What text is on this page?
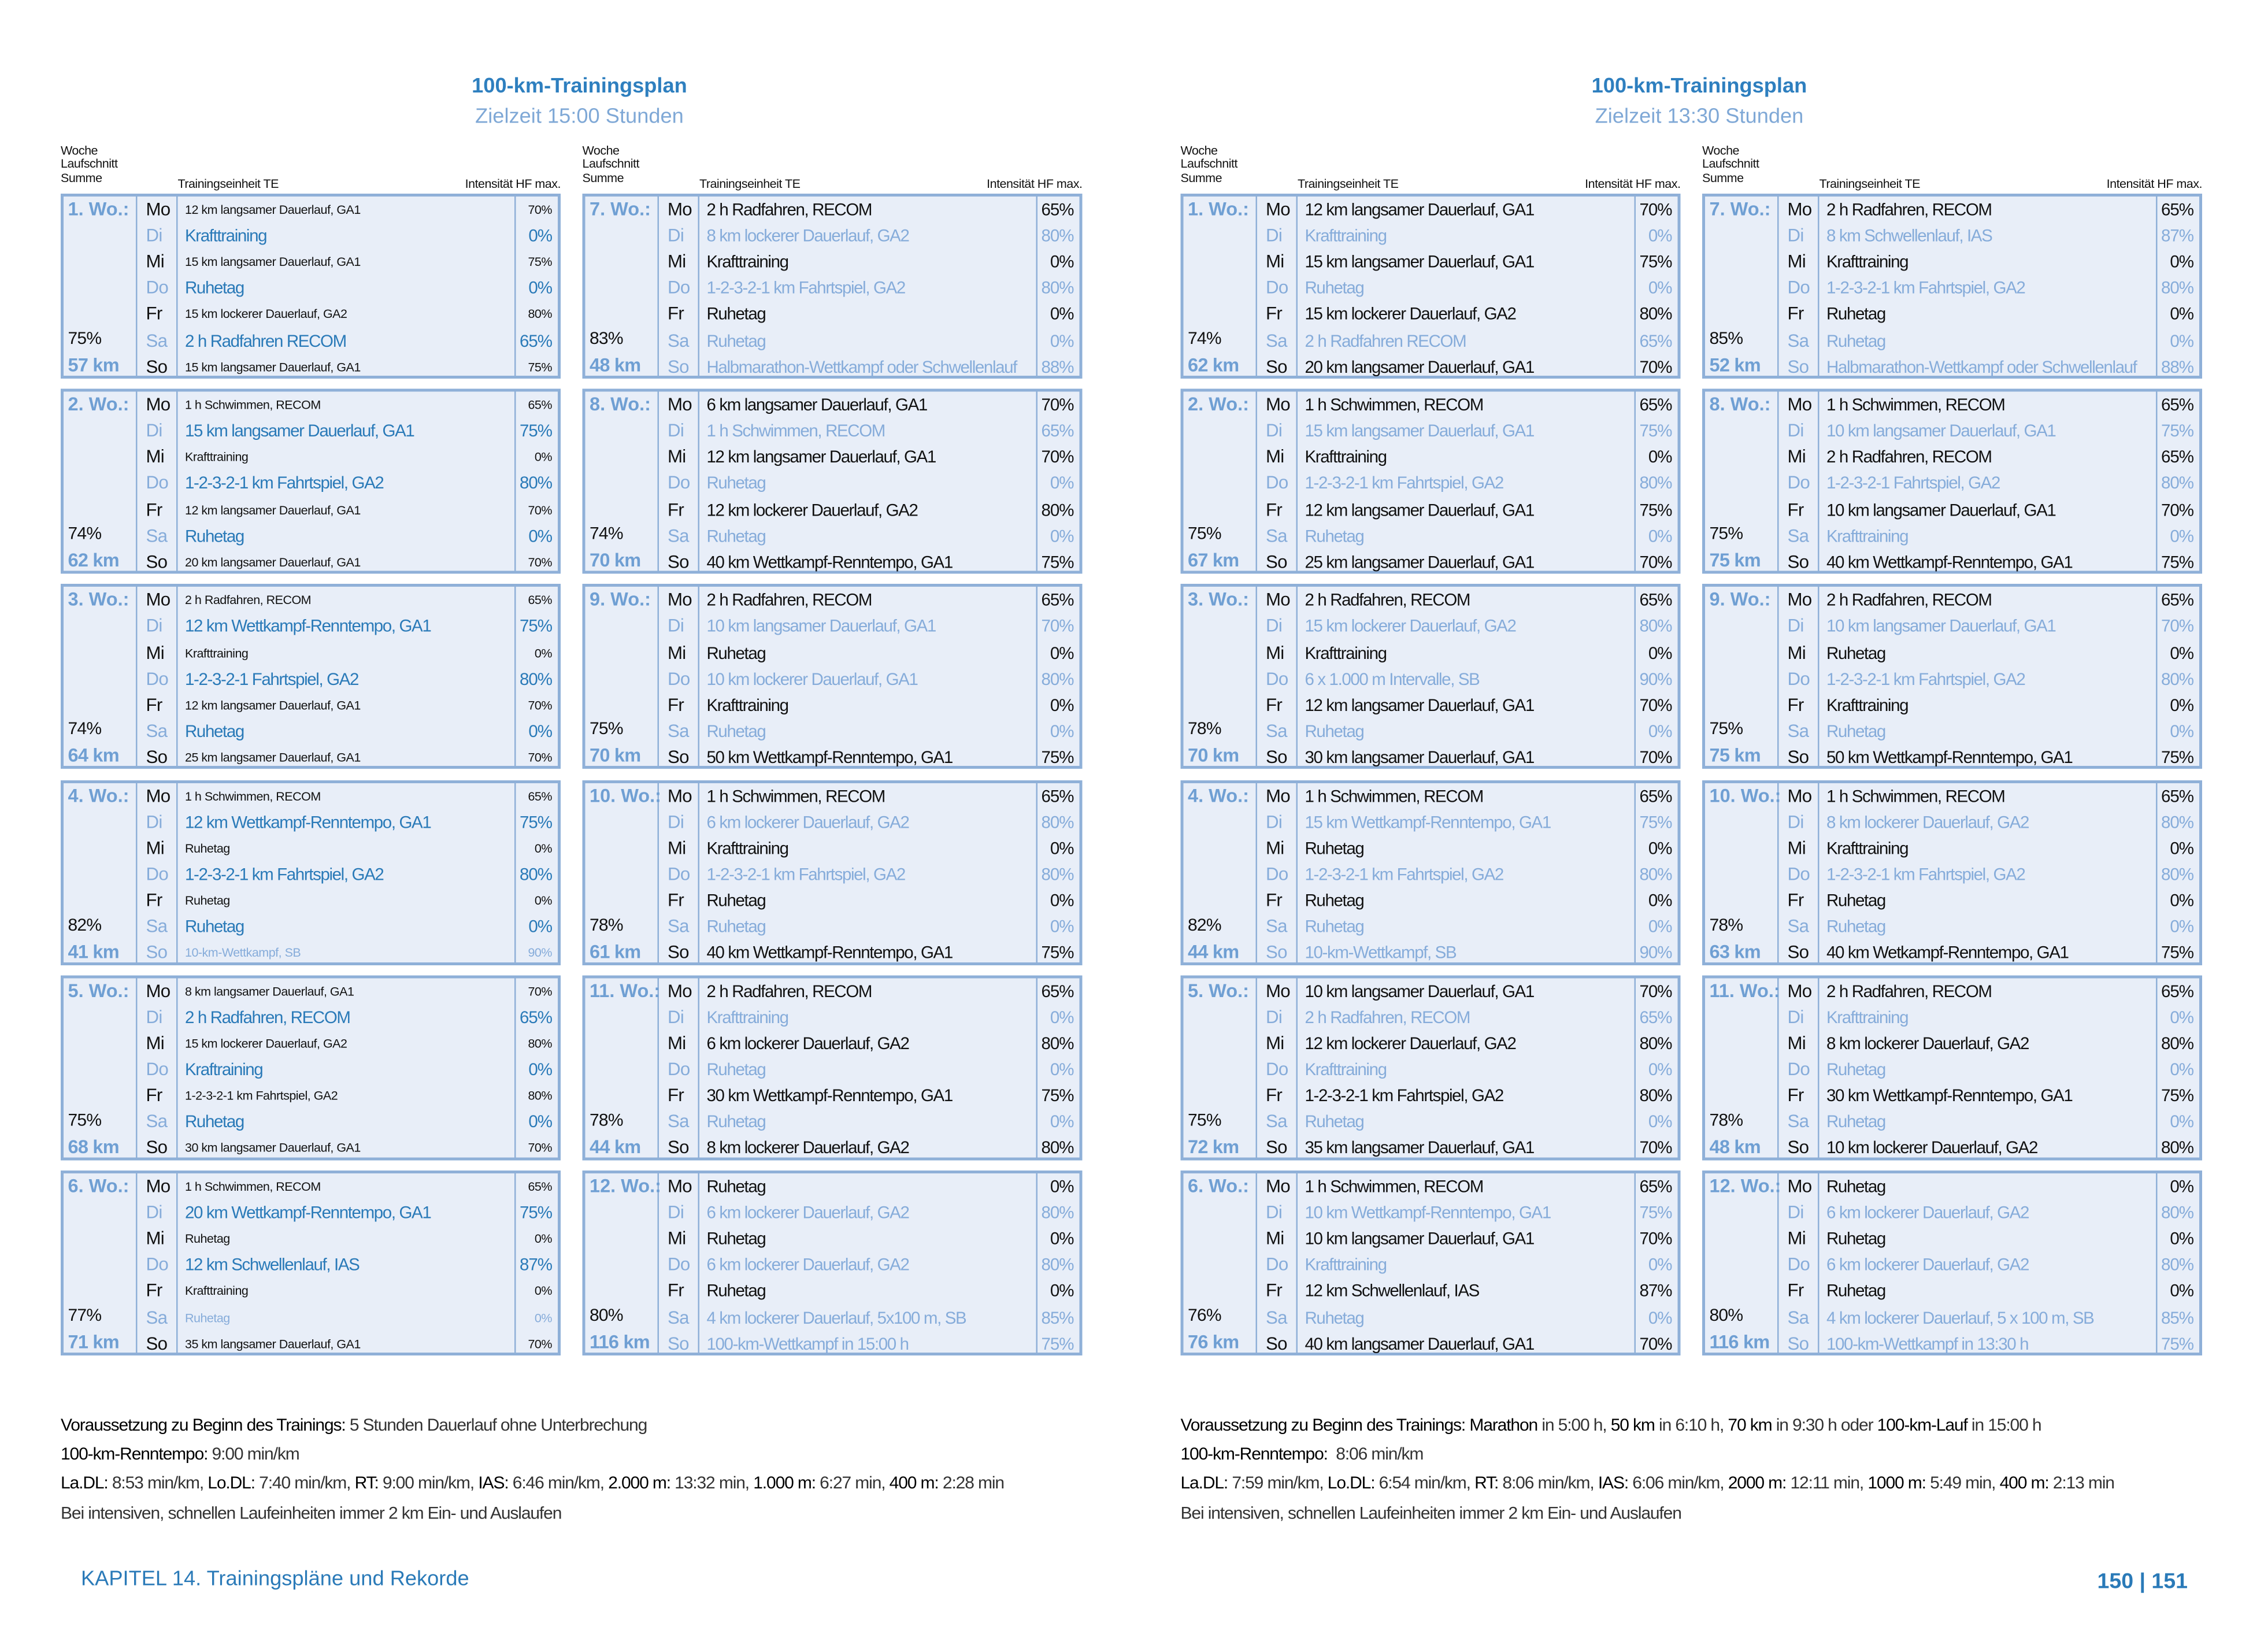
KAPITEL 14. Trainingspläne und Rekorde	150 | 151
100-km-Trainingsplan
Zielzeit 15:00 Stunden
Woche
Laufschnitt
Summe	Trainingseinheit TE	Intensität HF max.
1. Wo.:
75%
57 km
Mo	12 km langsamer Dauerlauf, GA1	70%
Di	Krafttraining	0%
Mi	15 km langsamer Dauerlauf, GA1	75%
Do Ruhetag	0%
Fr	15 km lockerer Dauerlauf, GA2	80%
Sa	2 h Radfahren RECOM	65%
So	15 km langsamer Dauerlauf, GA1	75%
2. Wo.:
74%
62 km
Mo	1 h Schwimmen, RECOM	65%
Di	15 km langsamer Dauerlauf, GA1	75%
Mi	Krafttraining	0%
Do 1-2-3-2-1 km Fahrtspiel, GA2	80%
Fr	12 km langsamer Dauerlauf, GA1	70%
Sa	Ruhetag	0%
So	20 km langsamer Dauerlauf, GA1	70%
3. Wo.:
74%
64 km
Mo	2 h Radfahren, RECOM	65%
Di	12 km Wettkampf-Renntempo, GA1	75%
Mi	Krafttraining	0%
Do 1-2-3-2-1 Fahrtspiel, GA2	80%
Fr	12 km langsamer Dauerlauf, GA1	70%
Sa	Ruhetag	0%
So	25 km langsamer Dauerlauf, GA1	70%
4. Wo.:
82%
41 km
Mo	1 h Schwimmen, RECOM	65%
Di	12 km Wettkampf-Renntempo, GA1	75%
Mi	Ruhetag	0%
Do 1-2-3-2-1 km Fahrtspiel, GA2	80%
Fr	Ruhetag	0%
Sa	Ruhetag	0%
So	10-km-Wettkampf, SB	90%
5. Wo.:
75%
68 km
Mo	8 km langsamer Dauerlauf, GA1	70%
Di	2 h Radfahren, RECOM	65%
Mi	15 km lockerer Dauerlauf, GA2	80%
Do Kraftraining	0%
Fr	1-2-3-2-1 km Fahrtspiel, GA2	80%
Sa	Ruhetag	0%
So	30 km langsamer Dauerlauf, GA1	70%
6. Wo.:
77%
71 km
Mo	1 h Schwimmen, RECOM	65%
Di	20 km Wettkampf-Renntempo, GA1	75%
Mi	Ruhetag	0%
Do 12 km Schwellenlauf, IAS	87%
Fr	Krafttraining	0%
Sa	Ruhetag	0%
So	35 km langsamer Dauerlauf, GA1	70%
Woche
Laufschnitt
Summe	Trainingseinheit TE	Intensität HF max.
7. Wo.:
83%
48 km
Mo 2 h Radfahren, RECOM	65%
Di	8 km lockerer Dauerlauf, GA2	80%
Mi	Krafttraining	0%
Do 1-2-3-2-1 km Fahrtspiel, GA2	80%
Fr	Ruhetag	0%
Sa	Ruhetag	0%
So	Halbmarathon-Wettkampf oder Schwellenlauf	88%
8. Wo.:
74%
70 km
Mo 6 km langsamer Dauerlauf, GA1	70%
Di	1 h Schwimmen, RECOM	65%
Mi	12 km langsamer Dauerlauf, GA1	70%
Do Ruhetag	0%
Fr	12 km lockerer Dauerlauf, GA2	80%
Sa	Ruhetag	0%
So	40 km Wettkampf-Renntempo, GA1	75%
9. Wo.:
75%
70 km
Mo 2 h Radfahren, RECOM	65%
Di	10 km langsamer Dauerlauf, GA1	70%
Mi	Ruhetag	0%
Do 10 km lockerer Dauerlauf, GA1	80%
Fr	Krafttraining	0%
Sa	Ruhetag	0%
So	50 km Wettkampf-Renntempo, GA1	75%
10. Wo.:
78%
61 km
Mo 1 h Schwimmen, RECOM	65%
Di	6 km lockerer Dauerlauf, GA2	80%
Mi	Krafttraining	0%
Do 1-2-3-2-1 km Fahrtspiel, GA2	80%
Fr	Ruhetag	0%
Sa	Ruhetag	0%
So	40 km Wettkampf-Renntempo, GA1	75%
11. Wo.:
78%
44 km
Mo 2 h Radfahren, RECOM	65%
Di	Krafttraining	0%
Mi	6 km lockerer Dauerlauf, GA2	80%
Do Ruhetag	0%
Fr	30 km Wettkampf-Renntempo, GA1	75%
Sa	Ruhetag	0%
So	8 km lockerer Dauerlauf, GA2	80%
12. Wo.:
80%
116 km
Mo Ruhetag	0%
Di	6 km lockerer Dauerlauf, GA2	80%
Mi	Ruhetag	0%
Do 6 km lockerer Dauerlauf, GA2	80%
Fr	Ruhetag	0%
Sa	4 km lockerer Dauerlauf, 5x100 m, SB	85%
So	100-km-Wettkampf in 15:00 h	75%
Voraussetzung zu Beginn des Trainings: 5 Stunden Dauerlauf ohne Unterbrechung
100-km-Renntempo: 9:00 min/km
La.DL: 8:53 min/km, Lo.DL: 7:40 min/km, RT: 9:00 min/km, IAS: 6:46 min/km, 2.000 m: 13:32 min, 1.000 m: 6:27 min, 400 m: 2:28 min
Bei intensiven, schnellen Laufeinheiten immer 2 km Ein- und Auslaufen
100-km-Trainingsplan
Zielzeit 13:30 Stunden
Woche
Laufschnitt
Summe	Trainingseinheit TE	Intensität HF max.
1. Wo.:
74%
62 km
Mo 12 km langsamer Dauerlauf, GA1	70%
Di	Krafttraining	0%
Mi	15 km langsamer Dauerlauf, GA1	75%
Do Ruhetag	0%
Fr	15 km lockerer Dauerlauf, GA2	80%
Sa	2 h Radfahren RECOM	65%
So	20 km langsamer Dauerlauf, GA1	70%
2. Wo.:
75%
67 km
Mo 1 h Schwimmen, RECOM	65%
Di	15 km langsamer Dauerlauf, GA1	75%
Mi	Krafttraining	0%
Do 1-2-3-2-1 km Fahrtspiel, GA2	80%
Fr	12 km langsamer Dauerlauf, GA1	75%
Sa	Ruhetag	0%
So	25 km langsamer Dauerlauf, GA1	70%
3. Wo.:
78%
70 km
Mo 2 h Radfahren, RECOM	65%
Di	15 km lockerer Dauerlauf, GA2	80%
Mi	Krafttraining	0%
Do 6 x 1.000 m Intervalle, SB	90%
Fr	12 km langsamer Dauerlauf, GA1	70%
Sa	Ruhetag	0%
So	30 km langsamer Dauerlauf, GA1	70%
4. Wo.:
82%
44 km
Mo 1 h Schwimmen, RECOM	65%
Di	15 km Wettkampf-Renntempo, GA1	75%
Mi	Ruhetag	0%
Do 1-2-3-2-1 km Fahrtspiel, GA2	80%
Fr	Ruhetag	0%
Sa	Ruhetag	0%
So	10-km-Wettkampf, SB	90%
5. Wo.:
75%
72 km
Mo 10 km langsamer Dauerlauf, GA1	70%
Di	2 h Radfahren, RECOM	65%
Mi	12 km lockerer Dauerlauf, GA2	80%
Do Krafttraining	0%
Fr	1-2-3-2-1 km Fahrtspiel, GA2	80%
Sa	Ruhetag	0%
So	35 km langsamer Dauerlauf, GA1	70%
6. Wo.:
76%
76 km
Mo 1 h Schwimmen, RECOM	65%
Di	10 km Wettkampf-Renntempo, GA1	75%
Mi	10 km langsamer Dauerlauf, GA1	70%
Do Krafttraining	0%
Fr	12 km Schwellenlauf, IAS	87%
Sa	Ruhetag	0%
So	40 km langsamer Dauerlauf, GA1	70%
Woche
Laufschnitt
Summe	Trainingseinheit TE	Intensität HF max.
7. Wo.:
85%
52 km
Mo 2 h Radfahren, RECOM	65%
Di	8 km Schwellenlauf, IAS	87%
Mi	Krafttraining	0%
Do 1-2-3-2-1 km Fahrtspiel, GA2	80%
Fr	Ruhetag	0%
Sa	Ruhetag	0%
So	Halbmarathon-Wettkampf oder Schwellenlauf	88%
8. Wo.:
75%
75 km
Mo 1 h Schwimmen, RECOM	65%
Di	10 km langsamer Dauerlauf, GA1	75%
Mi	2 h Radfahren, RECOM	65%
Do 1-2-3-2-1 Fahrtspiel, GA2	80%
Fr	10 km langsamer Dauerlauf, GA1	70%
Sa	Krafttraining	0%
So	40 km Wettkampf-Renntempo, GA1	75%
9. Wo.:
75%
75 km
Mo 2 h Radfahren, RECOM	65%
Di	10 km langsamer Dauerlauf, GA1	70%
Mi	Ruhetag	0%
Do 1-2-3-2-1 km Fahrtspiel, GA2	80%
Fr	Krafttraining	0%
Sa	Ruhetag	0%
So	50 km Wettkampf-Renntempo, GA1	75%
10. Wo.:
78%
63 km
Mo 1 h Schwimmen, RECOM	65%
Di	8 km lockerer Dauerlauf, GA2	80%
Mi	Krafttraining	0%
Do 1-2-3-2-1 km Fahrtspiel, GA2	80%
Fr	Ruhetag	0%
Sa	Ruhetag	0%
So	40 km Wetkampf-Renntempo, GA1	75%
11. Wo.:
78%
48 km
Mo 2 h Radfahren, RECOM	65%
Di	Krafttraining	0%
Mi	8 km lockerer Dauerlauf, GA2	80%
Do Ruhetag	0%
Fr	30 km Wettkampf-Renntempo, GA1	75%
Sa	Ruhetag	0%
So	10 km lockerer Dauerlauf, GA2	80%
12. Wo.:
80%
116 km
Mo Ruhetag	0%
Di	6 km lockerer Dauerlauf, GA2	80%
Mi	Ruhetag	0%
Do 6 km lockerer Dauerlauf, GA2	80%
Fr	Ruhetag	0%
Sa	4 km lockerer Dauerlauf, 5 x 100 m, SB	85%
So	100-km-Wettkampf in 13:30 h	75%
Voraussetzung zu Beginn des Trainings: Marathon in 5:00 h, 50 km in 6:10 h, 70 km in 9:30 h oder 100-km-Lauf in 15:00 h
100-km-Renntempo:  8:06 min/km
La.DL: 7:59 min/km, Lo.DL: 6:54 min/km, RT: 8:06 min/km, IAS: 6:06 min/km, 2000 m: 12:11 min, 1000 m: 5:49 min, 400 m: 2:13 min
Bei intensiven, schnellen Laufeinheiten immer 2 km Ein- und Auslaufen
